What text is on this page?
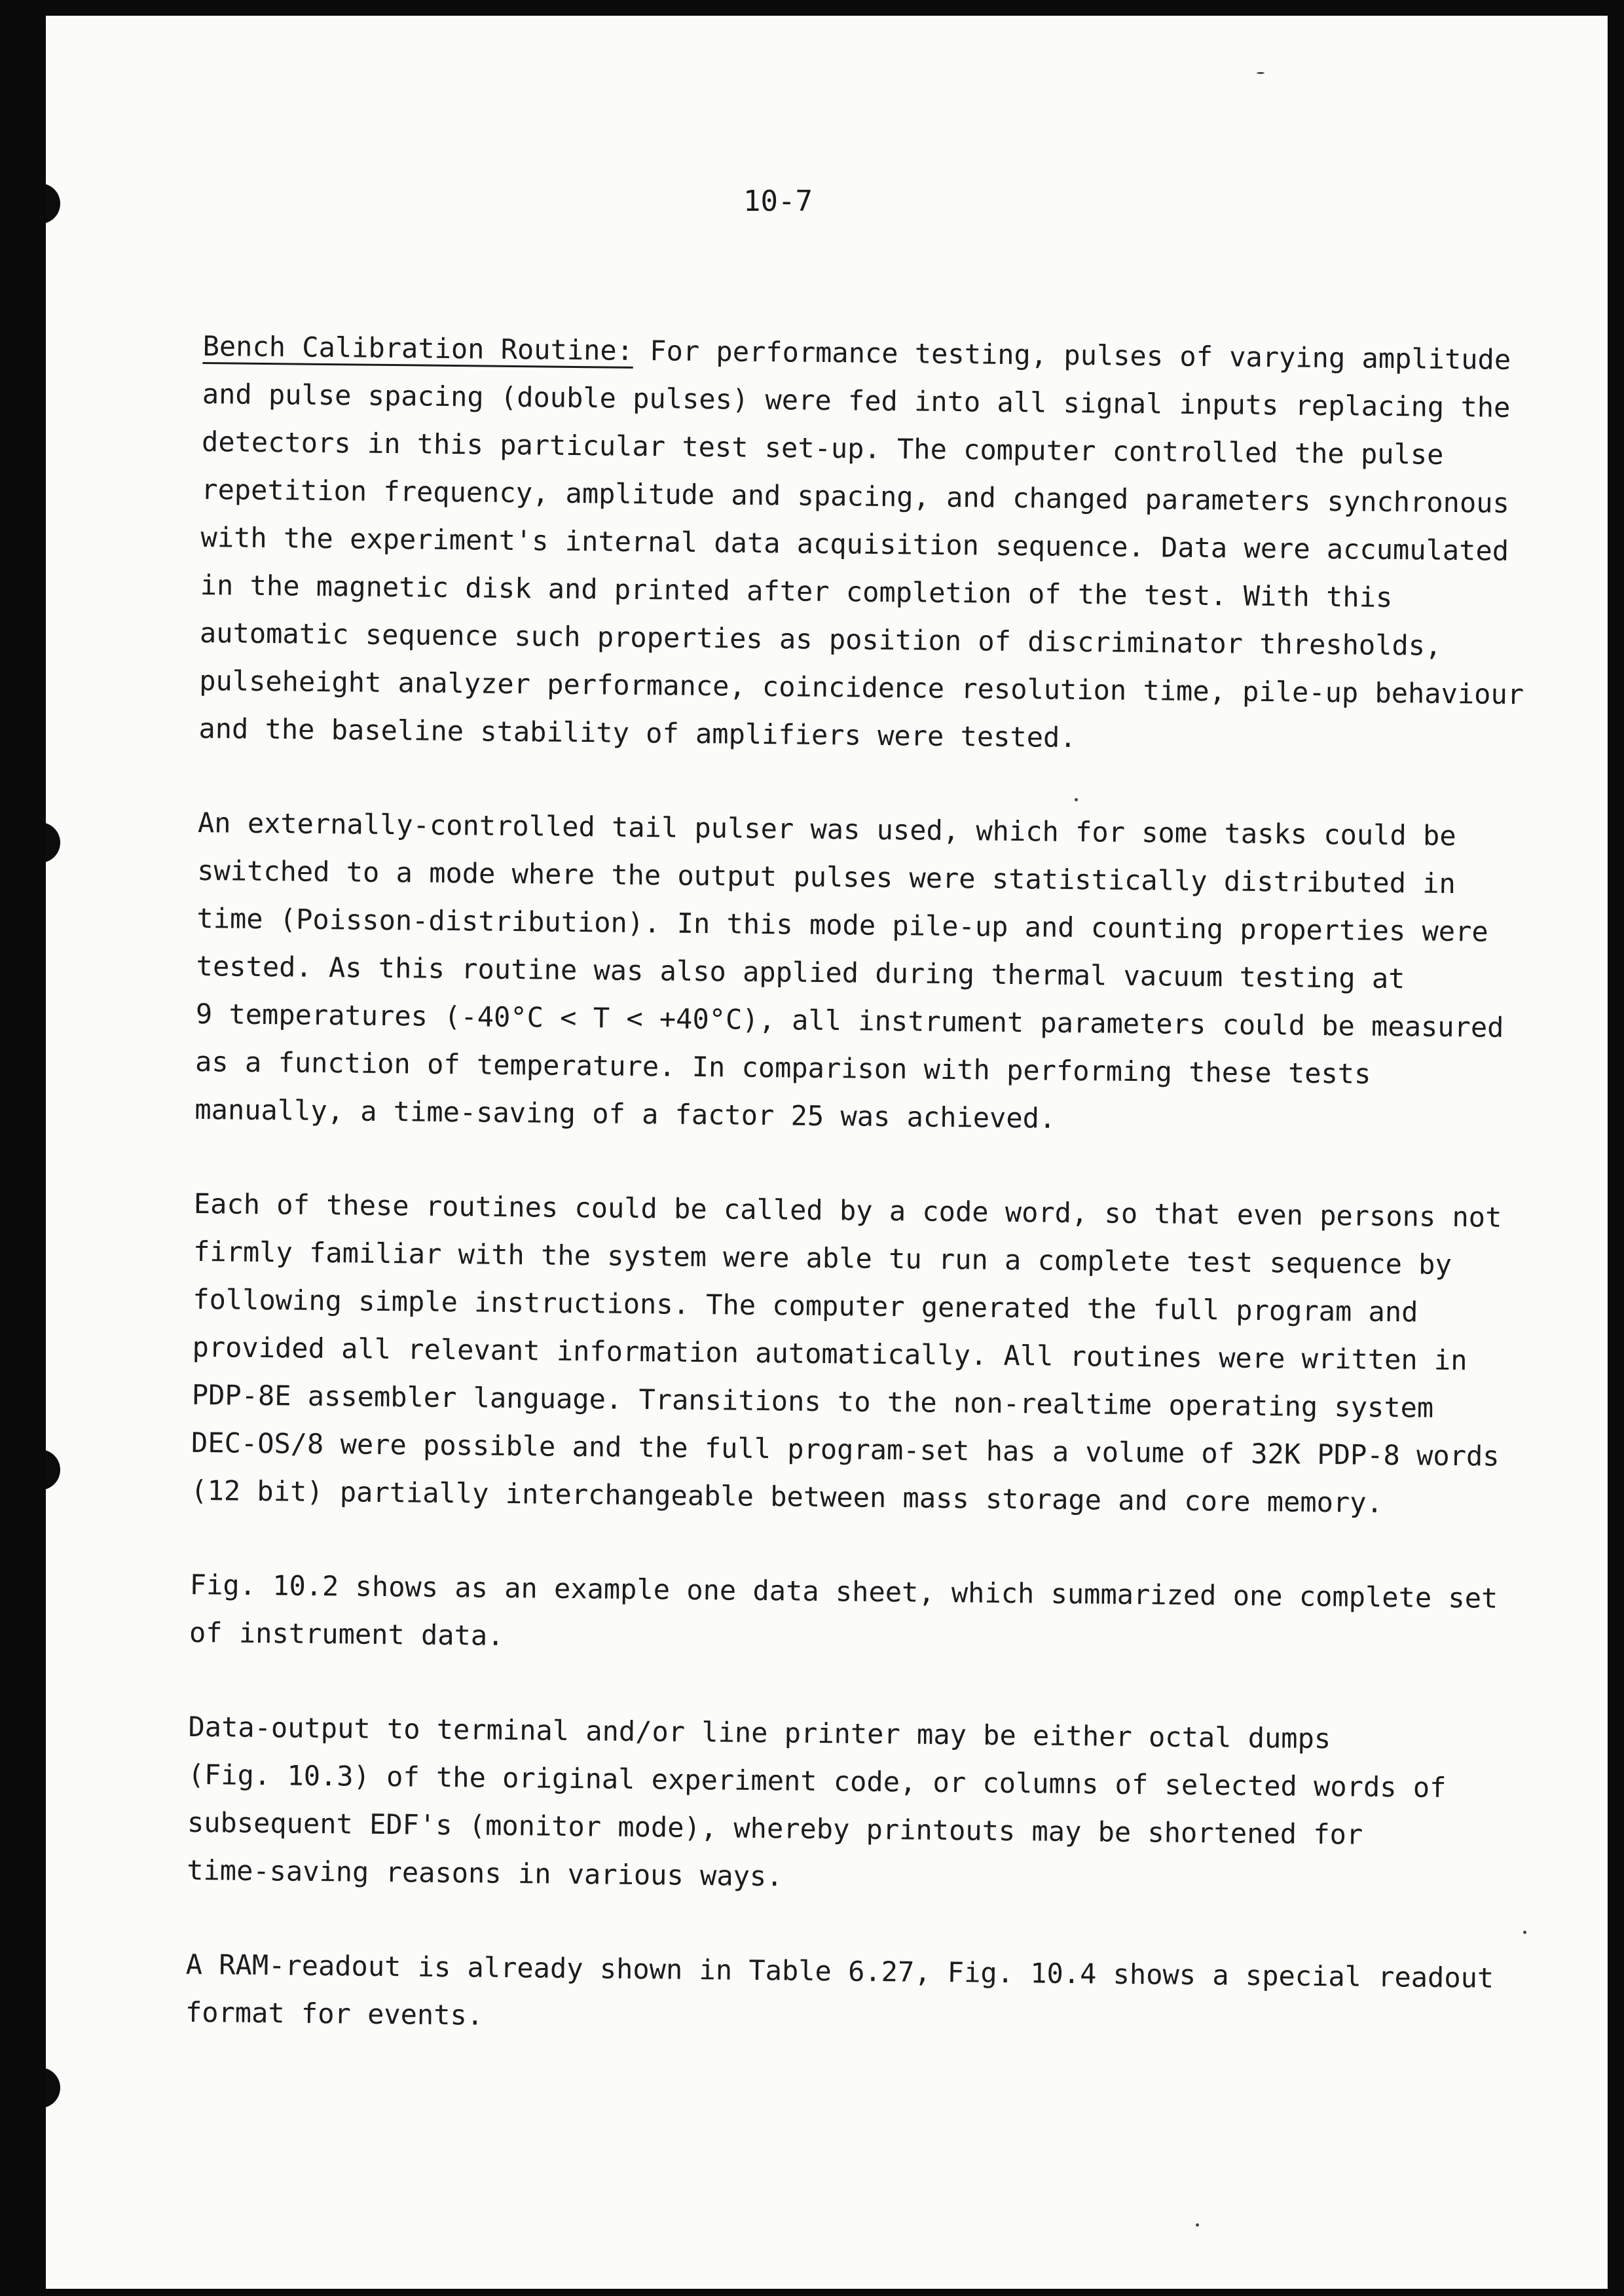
10-7

Bench Calibration Routine: For performance testing, pulses of varying amplitude
and pulse spacing (double pulses) were fed into all signal inputs replacing the
detectors in this particular test set-up. The computer controlled the pulse
repetition frequency, amplitude and spacing, and changed parameters synchronous
with the experiment's internal data acquisition sequence. Data were accumulated
in the magnetic disk and printed after completion of the test. With this
automatic sequence such properties as position of discriminator thresholds,
pulseheight analyzer performance, coincidence resolution time, pile-up behaviour
and the baseline stability of amplifiers were tested.

An externally-controlled tail pulser was used, which for some tasks could be
switched to a mode where the output pulses were statistically distributed in
time (Poisson-distribution). In this mode pile-up and counting properties were
tested. As this routine was also applied during thermal vacuum testing at
9 temperatures (-40°C < T < +40°C), all instrument parameters could be measured
as a function of temperature. In comparison with performing these tests
manually, a time-saving of a factor 25 was achieved.

Each of these routines could be called by a code word, so that even persons not
firmly familiar with the system were able tu run a complete test sequence by
following simple instructions. The computer generated the full program and
provided all relevant information automatically. All routines were written in
PDP-8E assembler language. Transitions to the non-realtime operating system
DEC-OS/8 were possible and the full program-set has a volume of 32K PDP-8 words
(12 bit) partially interchangeable between mass storage and core memory.

Fig. 10.2 shows as an example one data sheet, which summarized one complete set
of instrument data.

Data-output to terminal and/or line printer may be either octal dumps
(Fig. 10.3) of the original experiment code, or columns of selected words of
subsequent EDF's (monitor mode), whereby printouts may be shortened for
time-saving reasons in various ways.

A RAM-readout is already shown in Table 6.27, Fig. 10.4 shows a special readout
format for events.
